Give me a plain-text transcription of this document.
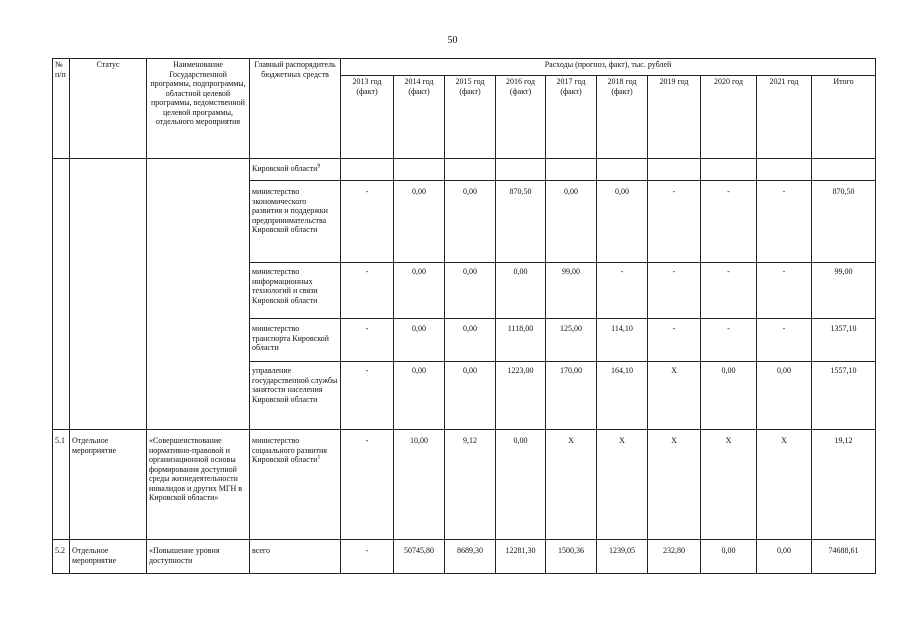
50
№ п/п	Статус	Наименование Государственной программы, подпрограммы, областной целевой программы, ведомственной целевой программы, отдельного мероприятия	Главный распорядитель бюджетных средств	Расходы (прогноз, факт), тыс. рублей									
				2013 год (факт)	2014 год (факт)	2015 год (факт)	2016 год (факт)	2017 год (факт)	2018 год (факт)	2019 год	2020 год	2021 год	Итого
			Кировской области$^9$										
			министерство экономического развития и поддержки предпринимательства Кировской области	-	0,00	0,00	870,50	0,00	0,00	-	-	-	870,50
			министерство информационных технологий и связи Кировской области	-	0,00	0,00	0,00	99,00	-	-	-	-	99,00
			министерство транспорта Кировской области	-	0,00	0,00	1118,00	125,00	114,10	-	-	-	1357,10
			управление государственной службы занятости населения Кировской области	-	0,00	0,00	1223,00	170,00	164,10	Х	0,00	0,00	1557,10
5.1	Отдельное мероприятие	«Совершенствование нормативно-правовой и организационной основы формирования доступной среды жизнедеятельности инвалидов и других МГН в Кировской области»	министерство социального развития Кировской области$^1$	-	10,00	9,12	0,00	Х	Х	Х	Х	Х	19,12
5.2	Отдельное мероприятие	«Повышение уровня доступности	всего	-	50745,80	8689,30	12281,30	1500,36	1239,05	232,80	0,00	0,00	74688,61
